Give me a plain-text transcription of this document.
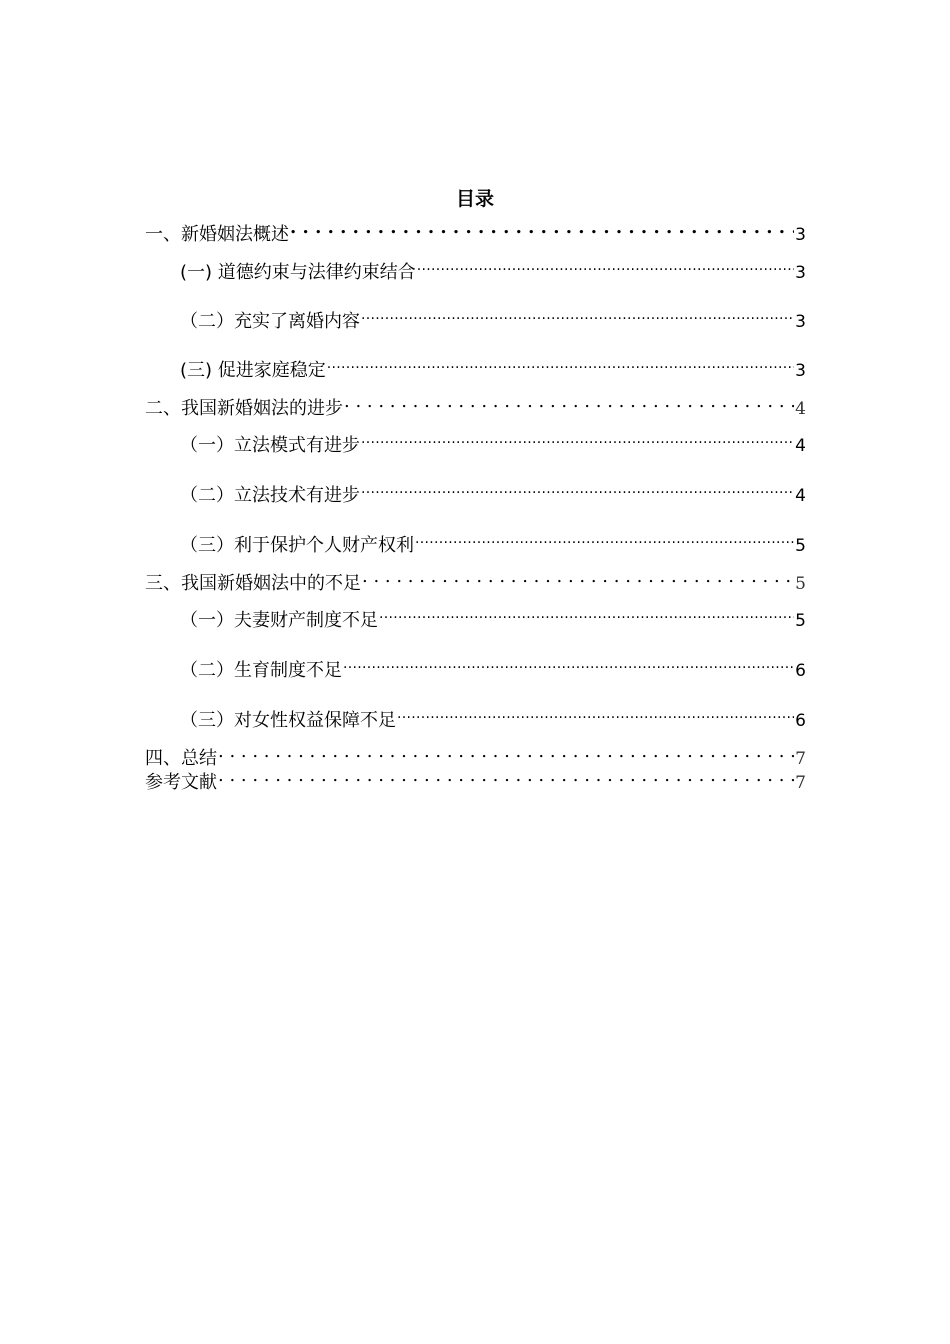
目录
一、新婚姻法概述 . . .	3
(一) 道德约束与法律约束结合 .....	3
（二）充实了离婚内容 .....	3
(三) 促进家庭稳定 .....	3
二、我国新婚姻法的进步 . . .	4
（一）立法模式有进步 .....	4
（二）立法技术有进步 .....	4
（三）利于保护个人财产权利 .....	5
三、我国新婚姻法中的不足 . . .	5
（一）夫妻财产制度不足 .....	5
（二）生育制度不足 .....	6
（三）对女性权益保障不足 .....	6
四、总结 . . .	7
参考文献 . . .	7
